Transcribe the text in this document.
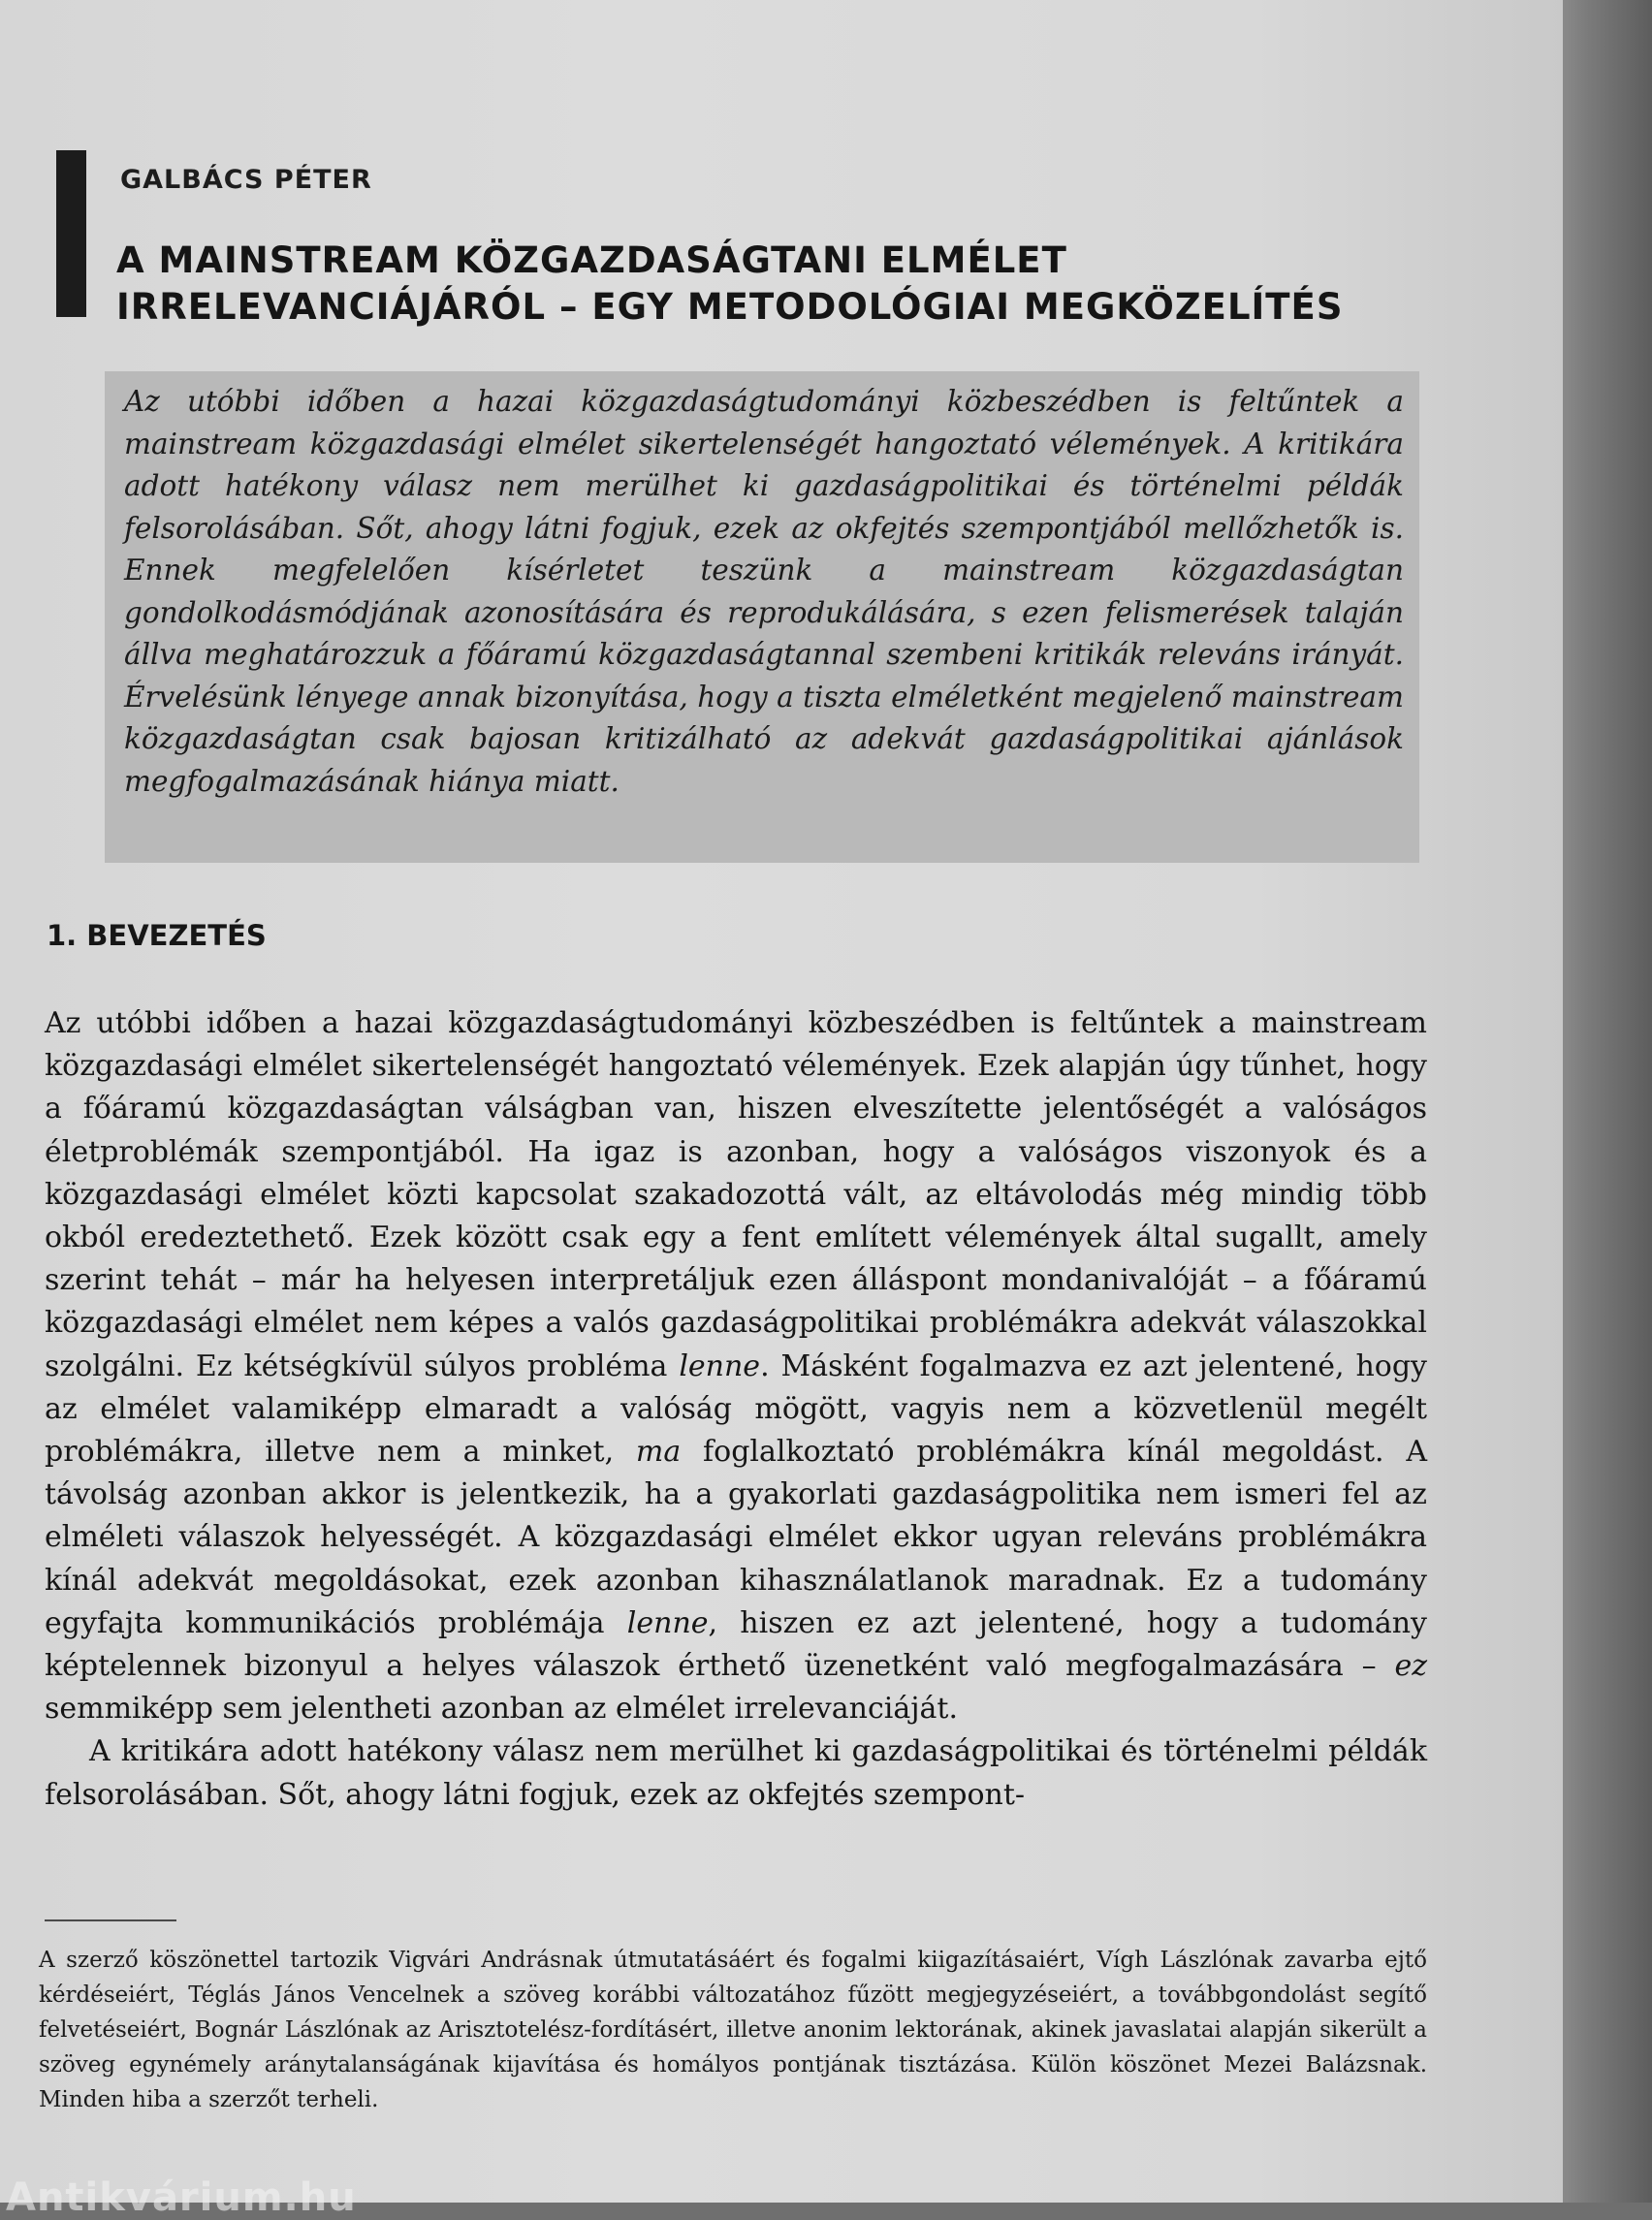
GALBÁCS PÉTER

A MAINSTREAM KÖZGAZDASÁGTANI ELMÉLET
IRRELEVANCIÁJÁRÓL – EGY METODOLÓGIAI MEGKÖZELÍTÉS

Az utóbbi időben a hazai közgazdaságtudományi közbeszédben is feltűntek a mainstream közgazdasági elmélet sikertelenségét hangoztató vélemények. A kritikára adott hatékony válasz nem merülhet ki gazdaságpolitikai és történelmi példák felsorolásában. Sőt, ahogy látni fogjuk, ezek az okfejtés szempontjából mellőzhetők is. Ennek megfelelően kísérletet teszünk a mainstream közgazdaságtan gondolkodásmódjának azonosítására és reprodukálására, s ezen felismerések talaján állva meghatározzuk a főáramú közgazdaságtannal szembeni kritikák releváns irányát. Érvelésünk lényege annak bizonyítása, hogy a tiszta elméletként megjelenő mainstream közgazdaságtan csak bajosan kritizálható az adekvát gazdaságpolitikai ajánlások megfogalmazásának hiánya miatt.

1. BEVEZETÉS

Az utóbbi időben a hazai közgazdaságtudományi közbeszédben is feltűntek a mainstream közgazdasági elmélet sikertelenségét hangoztató vélemények. Ezek alapján úgy tűnhet, hogy a főáramú közgazdaságtan válságban van, hiszen elveszítette jelentőségét a valóságos életproblémák szempontjából. Ha igaz is azonban, hogy a valóságos viszonyok és a közgazdasági elmélet közti kapcsolat szakadozottá vált, az eltávolodás még mindig több okból eredeztethető. Ezek között csak egy a fent említett vélemények által sugallt, amely szerint tehát – már ha helyesen interpretáljuk ezen álláspont mondanivalóját – a főáramú közgazdasági elmélet nem képes a valós gazdaságpolitikai problémákra adekvát válaszokkal szolgálni. Ez kétségkívül súlyos probléma lenne. Másként fogalmazva ez azt jelentené, hogy az elmélet valamiképp elmaradt a valóság mögött, vagyis nem a közvetlenül megélt problémákra, illetve nem a minket, ma foglalkoztató problémákra kínál megoldást. A távolság azonban akkor is jelentkezik, ha a gyakorlati gazdaságpolitika nem ismeri fel az elméleti válaszok helyességét. A közgazdasági elmélet ekkor ugyan releváns problémákra kínál adekvát megoldásokat, ezek azonban kihasználatlanok maradnak. Ez a tudomány egyfajta kommunikációs problémája lenne, hiszen ez azt jelentené, hogy a tudomány képtelennek bizonyul a helyes válaszok érthető üzenetként való megfogalmazására – ez semmiképp sem jelentheti azonban az elmélet irrelevanciáját.

A kritikára adott hatékony válasz nem merülhet ki gazdaságpolitikai és történelmi példák felsorolásában. Sőt, ahogy látni fogjuk, ezek az okfejtés szempont-

A szerző köszönettel tartozik Vigvári Andrásnak útmutatásáért és fogalmi kiigazításaiért, Vígh Lászlónak zavarba ejtő kérdéseiért, Téglás János Vencelnek a szöveg korábbi változatához fűzött megjegyzéseiért, a továbbgondolást segítő felvetéseiért, Bognár Lászlónak az Arisztotelész-fordításért, illetve anonim lektorának, akinek javaslatai alapján sikerült a szöveg egynémely aránytalanságának kijavítása és homályos pontjának tisztázása. Külön köszönet Mezei Balázsnak. Minden hiba a szerzőt terheli.

Antikvárium.hu
